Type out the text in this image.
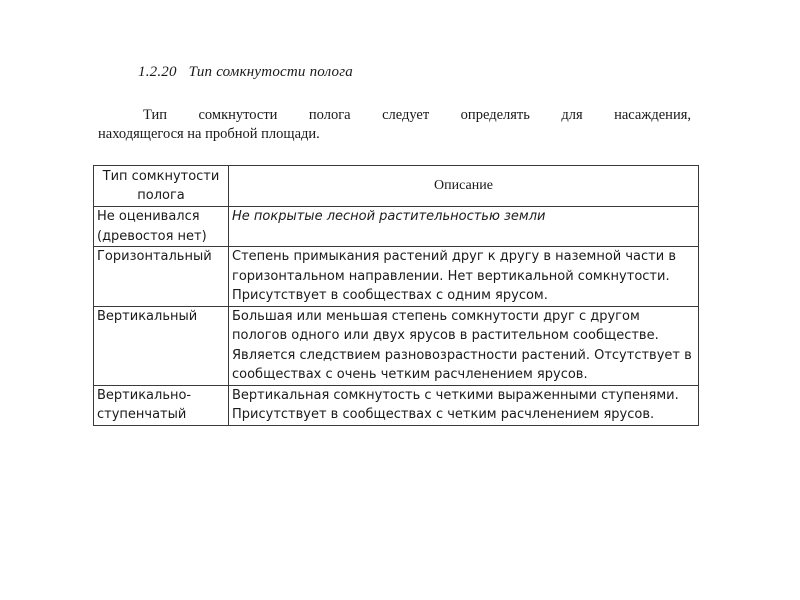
1.2.20 Тип сомкнутости полога
Тип сомкнутости полога следует определять для насаждения,
находящегося на пробной площади.
Тип сомкнутости полога	Описание
Не оценивался (древостоя нет)	Не покрытые лесной растительностью земли
Горизонтальный	Степень примыкания растений друг к другу в наземной части в горизонтальном направлении. Нет вертикальной сомкнутости. Присутствует в сообществах с одним ярусом.
Вертикальный	Большая или меньшая степень сомкнутости друг с другом пологов одного или двух ярусов в растительном сообществе. Является следствием разновозрастности растений. Отсутствует в сообществах с очень четким расчленением ярусов.
Вертикально-ступенчатый	Вертикальная сомкнутость с четкими выраженными ступенями. Присутствует в сообществах с четким расчленением ярусов.
